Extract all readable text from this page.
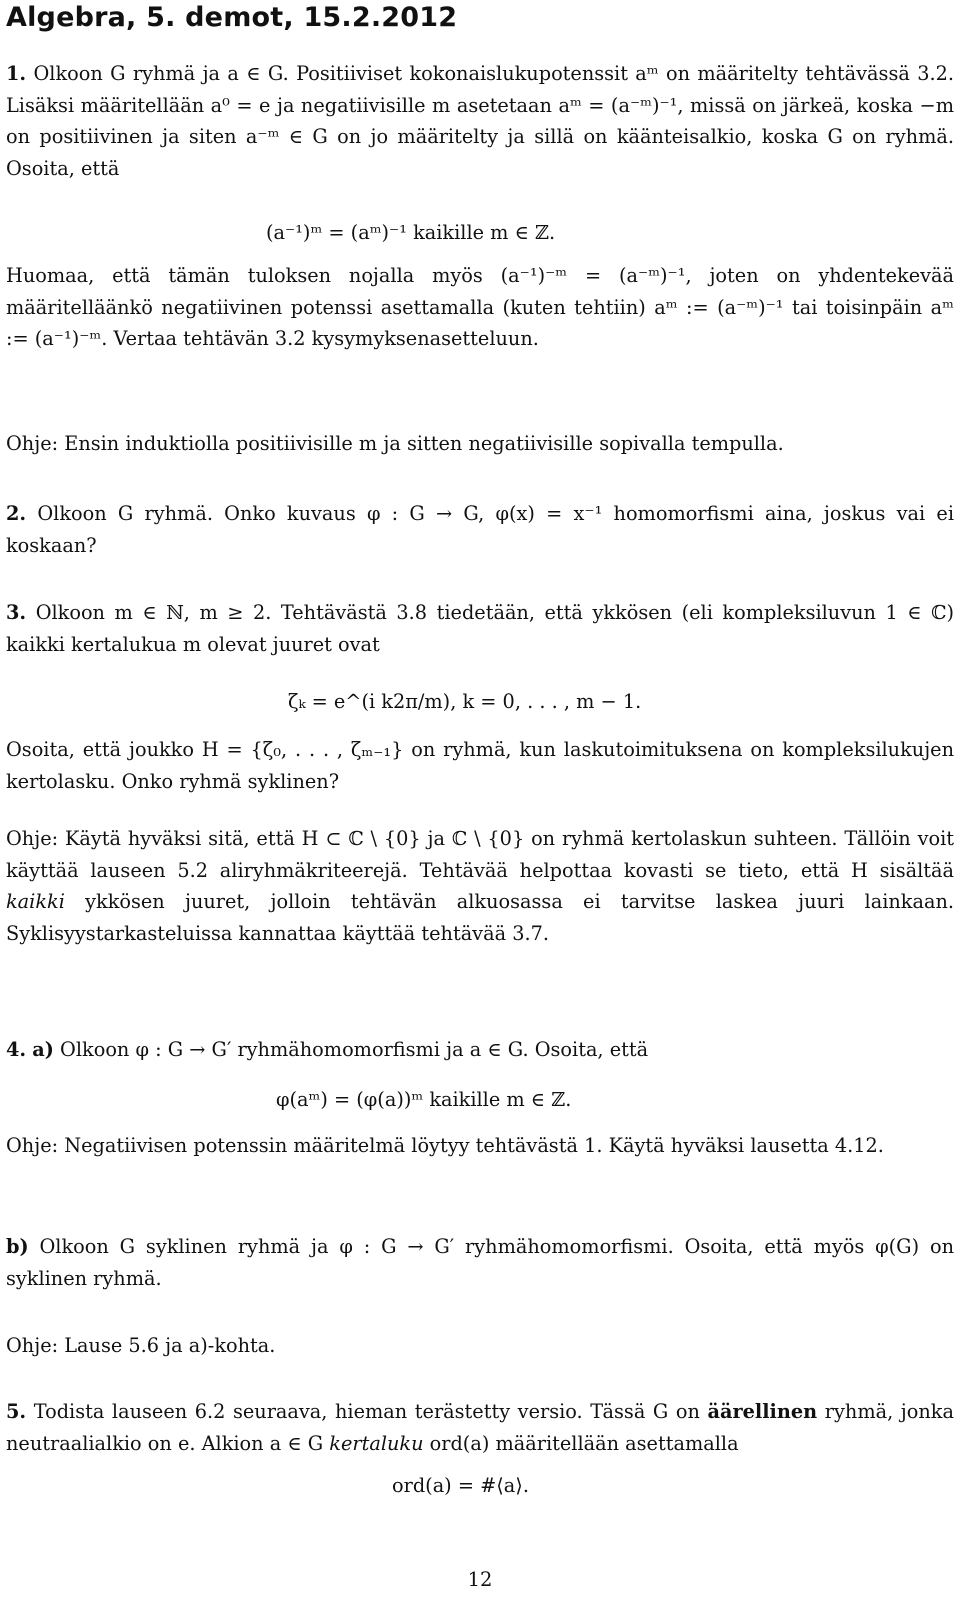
Algebra, 5. demot, 15.2.2012

1. Olkoon G ryhmä ja a ∈ G. Positiiviset kokonaislukupotenssit aᵐ on määritelty tehtävässä 3.2. Lisäksi määritellään a⁰ = e ja negatiivisille m asetetaan aᵐ = (a⁻ᵐ)⁻¹, missä on järkeä, koska −m on positiivinen ja siten a⁻ᵐ ∈ G on jo määritelty ja sillä on käänteisalkio, koska G on ryhmä. Osoita, että

(a⁻¹)ᵐ = (aᵐ)⁻¹ kaikille m ∈ ℤ.

Huomaa, että tämän tuloksen nojalla myös (a⁻¹)⁻ᵐ = (a⁻ᵐ)⁻¹, joten on yhdentekevää määritelläänkö negatiivinen potenssi asettamalla (kuten tehtiin) aᵐ := (a⁻ᵐ)⁻¹ tai toisinpäin aᵐ := (a⁻¹)⁻ᵐ. Vertaa tehtävän 3.2 kysymyksenasetteluun.

Ohje: Ensin induktiolla positiivisille m ja sitten negatiivisille sopivalla tempulla.

2. Olkoon G ryhmä. Onko kuvaus φ : G → G, φ(x) = x⁻¹ homomorfismi aina, joskus vai ei koskaan?

3. Olkoon m ∈ ℕ, m ≥ 2. Tehtävästä 3.8 tiedetään, että ykkösen (eli kompleksiluvun 1 ∈ ℂ) kaikki kertalukua m olevat juuret ovat

ζₖ = e^(i k2π/m), k = 0, . . . , m − 1.

Osoita, että joukko H = {ζ₀, . . . , ζₘ₋₁} on ryhmä, kun laskutoimituksena on kompleksilukujen kertolasku. Onko ryhmä syklinen?

Ohje: Käytä hyväksi sitä, että H ⊂ ℂ \ {0} ja ℂ \ {0} on ryhmä kertolaskun suhteen. Tällöin voit käyttää lauseen 5.2 aliryhmäkriteerejä. Tehtävää helpottaa kovasti se tieto, että H sisältää kaikki ykkösen juuret, jolloin tehtävän alkuosassa ei tarvitse laskea juuri lainkaan. Syklisyystarkasteluissa kannattaa käyttää tehtävää 3.7.

4. a) Olkoon φ : G → G′ ryhmähomomorfismi ja a ∈ G. Osoita, että

φ(aᵐ) = (φ(a))ᵐ kaikille m ∈ ℤ.

Ohje: Negatiivisen potenssin määritelmä löytyy tehtävästä 1. Käytä hyväksi lausetta 4.12.

b) Olkoon G syklinen ryhmä ja φ : G → G′ ryhmähomomorfismi. Osoita, että myös φ(G) on syklinen ryhmä.

Ohje: Lause 5.6 ja a)-kohta.

5. Todista lauseen 6.2 seuraava, hieman terästetty versio. Tässä G on äärellinen ryhmä, jonka neutraalialkio on e. Alkion a ∈ G kertaluku ord(a) määritellään asettamalla

ord(a) = #⟨a⟩.
12
